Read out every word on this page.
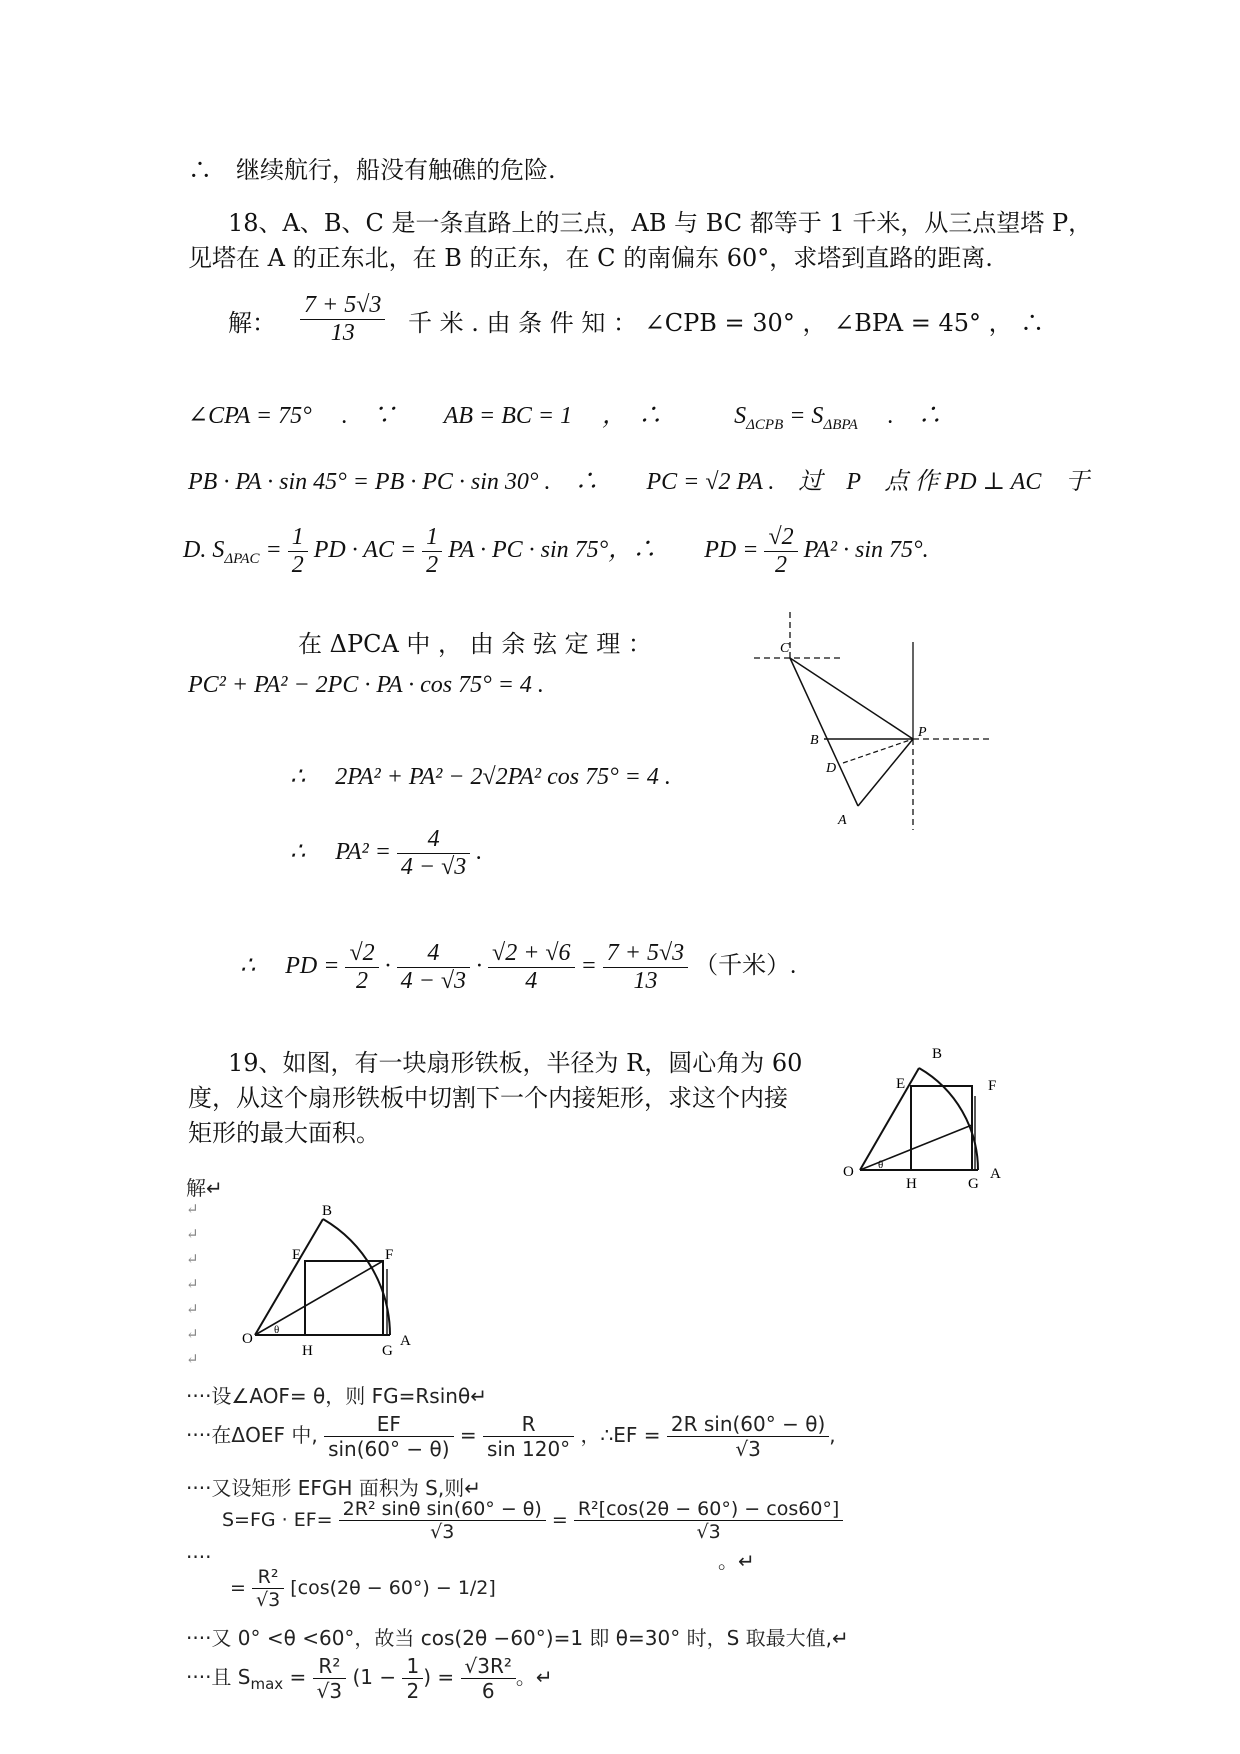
∴　继续航行，船没有触礁的危险.
18、A、B、C 是一条直路上的三点，AB 与 BC 都等于 1 千米，从三点望塔 P，
见塔在 A 的正东北，在 B 的正东，在 C 的南偏东 60°，求塔到直路的距离.
解： $\frac{7 + 5√3}{13}$ 千 米 . 由 条 件 知 ： ∠CPB = 30° ， ∠BPA = 45° ， ∴
∠CPA = 75°　 .　∵　　AB = BC = 1　 ，　∴　　　$S_{\Delta CPB} = S_{\Delta BPA}$　 .　∴
PB · PA · sin 45° = PB · PC · sin 30° .　∴　　PC = √2 PA .　过　P　点 作 PD ⊥ AC　于
D. $S_{\Delta PAC} = \frac{1}{2}$ PD · AC = $\frac{1}{2}$ PA · PC · sin 75°，∴　　PD = $\frac{√2}{2} PA^2 \cdot \sin 75^\circ$.
在 ΔPCA 中 ， 由 余 弦 定 理 ：
PC² + PA² − 2PC · PA · cos 75° = 4 .
∴　 2PA² + PA² − 2√2PA² cos 75° = 4 .
∴　 $PA^2 = \frac{4}{4 - √3}$ .
∴　 PD = $\frac{√2}{2} \cdot \frac{4}{4 - √3} \cdot \frac{√2 + √6}{4} = \frac{7 + 5√3}{13}$ （千米）.
C
P
B
D
A
19、如图，有一块扇形铁板，半径为 R，圆心角为 60
度，从这个扇形铁板中切割下一个内接矩形，求这个内接
矩形的最大面积。
B
E	F
O θ
H	G
A
解↵
↵
↵
↵
↵
↵
↵
↵
B
E	F
O
θ
H	G
A
····设∠AOF= θ，则 FG=Rsinθ↵
····在ΔOEF 中, $\frac{EF}{\sin(60^\circ - \theta)} = \frac{R}{\sin 120^\circ}$ ，∴EF = $\frac{\text{2R sin(60° − θ)}}{√3}$ ,
····又设矩形 EFGH 面积为 S,则↵
$S=FG \cdot EF= \frac{\text{2R² sinθ sin(60° − θ)}}{√3} = \frac{\text{R²[cos(2θ − 60°) − cos60°]}}{√3}$
····	。↵
= $\frac{\text{R²}}{√3} [\cos(2\theta - 60^\circ) - 1/2]$
····又 0° <θ <60°，故当 cos(2θ −60°)=1 即 θ=30° 时，S 取最大值,↵
····且 $S_{max} = \frac{\text{R²}}{√3} (1 - \frac{1}{2}$ ) = $\frac{\text{√3R²}}{6}$ 。↵
